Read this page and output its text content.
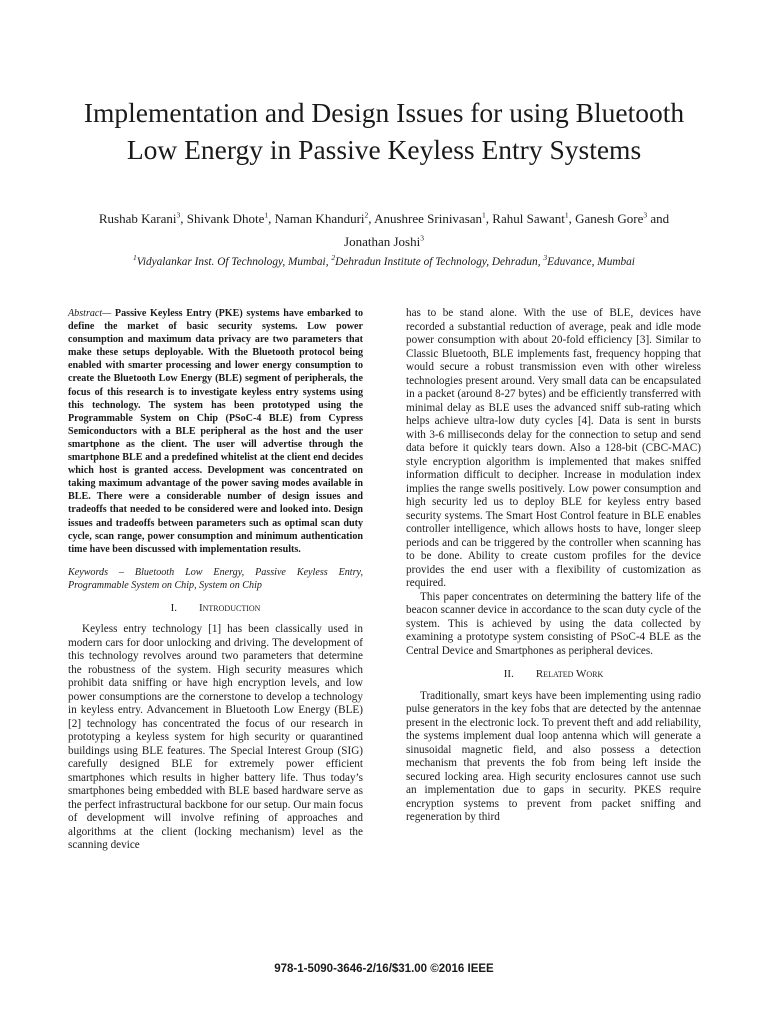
Implementation and Design Issues for using Bluetooth Low Energy in Passive Keyless Entry Systems
Rushab Karani$^3$, Shivank Dhote$^1$, Naman Khanduri$^2$, Anushree Srinivasan$^1$, Rahul Sawant$^1$, Ganesh Gore$^3$ and
Jonathan Joshi$^3$
$^1$Vidyalankar Inst. Of Technology, Mumbai, $^2$Dehradun Institute of Technology, Dehradun, $^3$Eduvance, Mumbai

Abstract— Passive Keyless Entry (PKE) systems have embarked to define the market of basic security systems. Low power consumption and maximum data privacy are two parameters that make these setups deployable. With the Bluetooth protocol being enabled with smarter processing and lower energy consumption to create the Bluetooth Low Energy (BLE) segment of peripherals, the focus of this research is to investigate keyless entry systems using this technology. The system has been prototyped using the Programmable System on Chip (PSoC-4 BLE) from Cypress Semiconductors with a BLE peripheral as the host and the user smartphone as the client. The user will advertise through the smartphone BLE and a predefined whitelist at the client end decides which host is granted access. Development was concentrated on taking maximum advantage of the power saving modes available in BLE. There were a considerable number of design issues and tradeoffs that needed to be considered were and looked into. Design issues and tradeoffs between parameters such as optimal scan duty cycle, scan range, power consumption and minimum authentication time have been discussed with implementation results.

Keywords – Bluetooth Low Energy, Passive Keyless Entry, Programmable System on Chip, System on Chip

I. Introduction

Keyless entry technology [1] has been classically used in modern cars for door unlocking and driving. The development of this technology revolves around two parameters that determine the robustness of the system. High security measures which prohibit data sniffing or have high encryption levels, and low power consumptions are the cornerstone to develop a technology in keyless entry. Advancement in Bluetooth Low Energy (BLE) [2] technology has concentrated the focus of our research in prototyping a keyless system for high security or quarantined buildings using BLE features. The Special Interest Group (SIG) carefully designed BLE for extremely power efficient smartphones which results in higher battery life. Thus today’s smartphones being embedded with BLE based hardware serve as the perfect infrastructural backbone for our setup. Our main focus of development will involve refining of approaches and algorithms at the client (locking mechanism) level as the scanning device

has to be stand alone. With the use of BLE, devices have recorded a substantial reduction of average, peak and idle mode power consumption with about 20-fold efficiency [3]. Similar to Classic Bluetooth, BLE implements fast, frequency hopping that would secure a robust transmission even with other wireless technologies present around. Very small data can be encapsulated in a packet (around 8-27 bytes) and be efficiently transferred with minimal delay as BLE uses the advanced sniff sub-rating which helps achieve ultra-low duty cycles [4]. Data is sent in bursts with 3-6 milliseconds delay for the connection to setup and send data before it quickly tears down. Also a 128-bit (CBC-MAC) style encryption algorithm is implemented that makes sniffed information difficult to decipher. Increase in modulation index implies the range swells positively. Low power consumption and high security led us to deploy BLE for keyless entry based security systems. The Smart Host Control feature in BLE enables controller intelligence, which allows hosts to have, longer sleep periods and can be triggered by the controller when scanning has to be done. Ability to create custom profiles for the device provides the end user with a flexibility of customization as required.

This paper concentrates on determining the battery life of the beacon scanner device in accordance to the scan duty cycle of the system. This is achieved by using the data collected by examining a prototype system consisting of PSoC-4 BLE as the Central Device and Smartphones as peripheral devices.

II. Related Work

Traditionally, smart keys have been implementing using radio pulse generators in the key fobs that are detected by the antennae present in the electronic lock. To prevent theft and add reliability, the systems implement dual loop antenna which will generate a sinusoidal magnetic field, and also possess a detection mechanism that prevents the fob from being left inside the secured locking area. High security enclosures cannot use such an implementation due to gaps in security. PKES require encryption systems to prevent from packet sniffing and regeneration by third

978-1-5090-3646-2/16/$31.00 ©2016 IEEE
